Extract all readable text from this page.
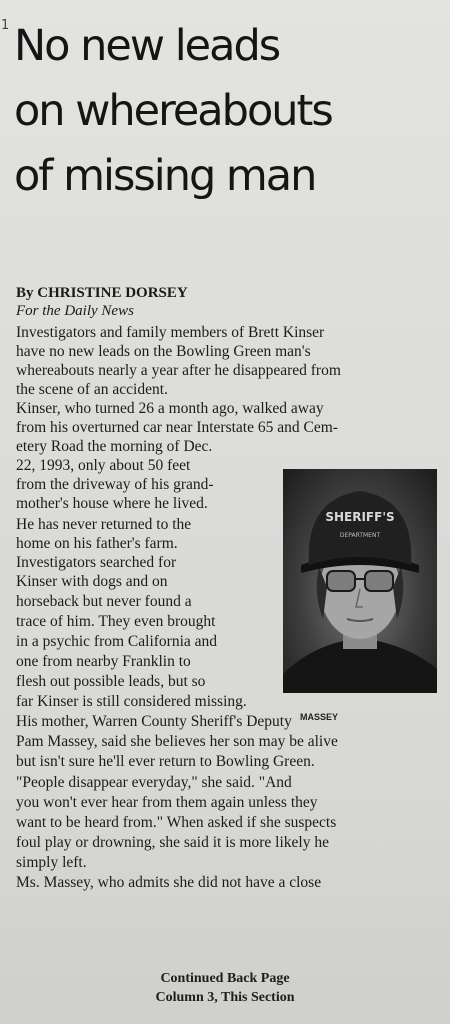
1 No new leads
on whereabouts
of missing man
By CHRISTINE DORSEY
For the Daily News
Investigators and family members of Brett Kinser
have no new leads on the Bowling Green man's
whereabouts nearly a year after he disappeared from
the scene of an accident.
Kinser, who turned 26 a month ago, walked away
from his overturned car near Interstate 65 and Cem-
etery Road the morning of Dec.
22, 1993, only about 50 feet
from the driveway of his grand-
mother's house where he lived.
He has never returned to the
home on his father's farm.
Investigators searched for
Kinser with dogs and on
horseback but never found a
trace of him. They even brought
in a psychic from California and
one from nearby Franklin to
flesh out possible leads, but so
far Kinser is still considered missing.
His mother, Warren County Sheriff's Deputy
Pam Massey, said she believes her son may be alive
but isn't sure he'll ever return to Bowling Green.
"People disappear everyday," she said. "And
you won't ever hear from them again unless they
want to be heard from." When asked if she suspects
foul play or drowning, she said it is more likely he
simply left.
Ms. Massey, who admits she did not have a close
SHERIFF'S
DEPARTMENT
MASSEY
Continued Back Page
Column 3, This Section
